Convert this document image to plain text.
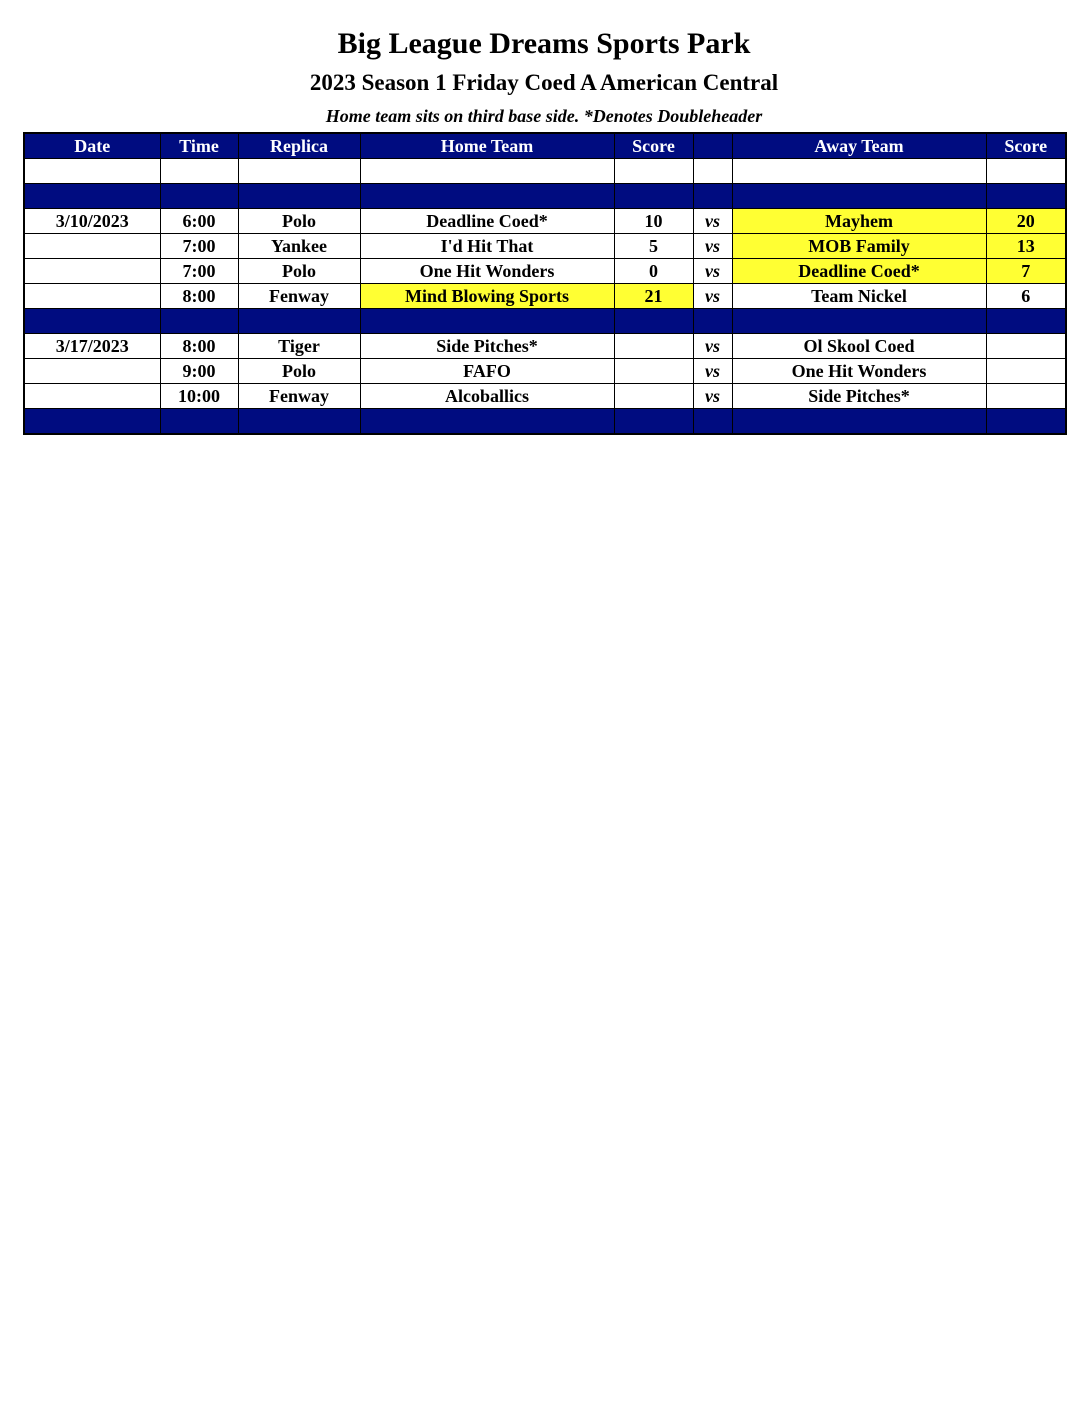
Big League Dreams Sports Park
2023 Season 1 Friday Coed A American Central
Home team sits on third base side. *Denotes Doubleheader
Date	Time	Replica	Home Team	Score		Away Team	Score

3/10/2023	6:00	Polo	Deadline Coed*	10	vs	Mayhem	20
	7:00	Yankee	I'd Hit That	5	vs	MOB Family	13
	7:00	Polo	One Hit Wonders	0	vs	Deadline Coed*	7
	8:00	Fenway	Mind Blowing Sports	21	vs	Team Nickel	6

3/17/2023	8:00	Tiger	Side Pitches*		vs	Ol Skool Coed	
	9:00	Polo	FAFO		vs	One Hit Wonders	
	10:00	Fenway	Alcoballics		vs	Side Pitches*	
